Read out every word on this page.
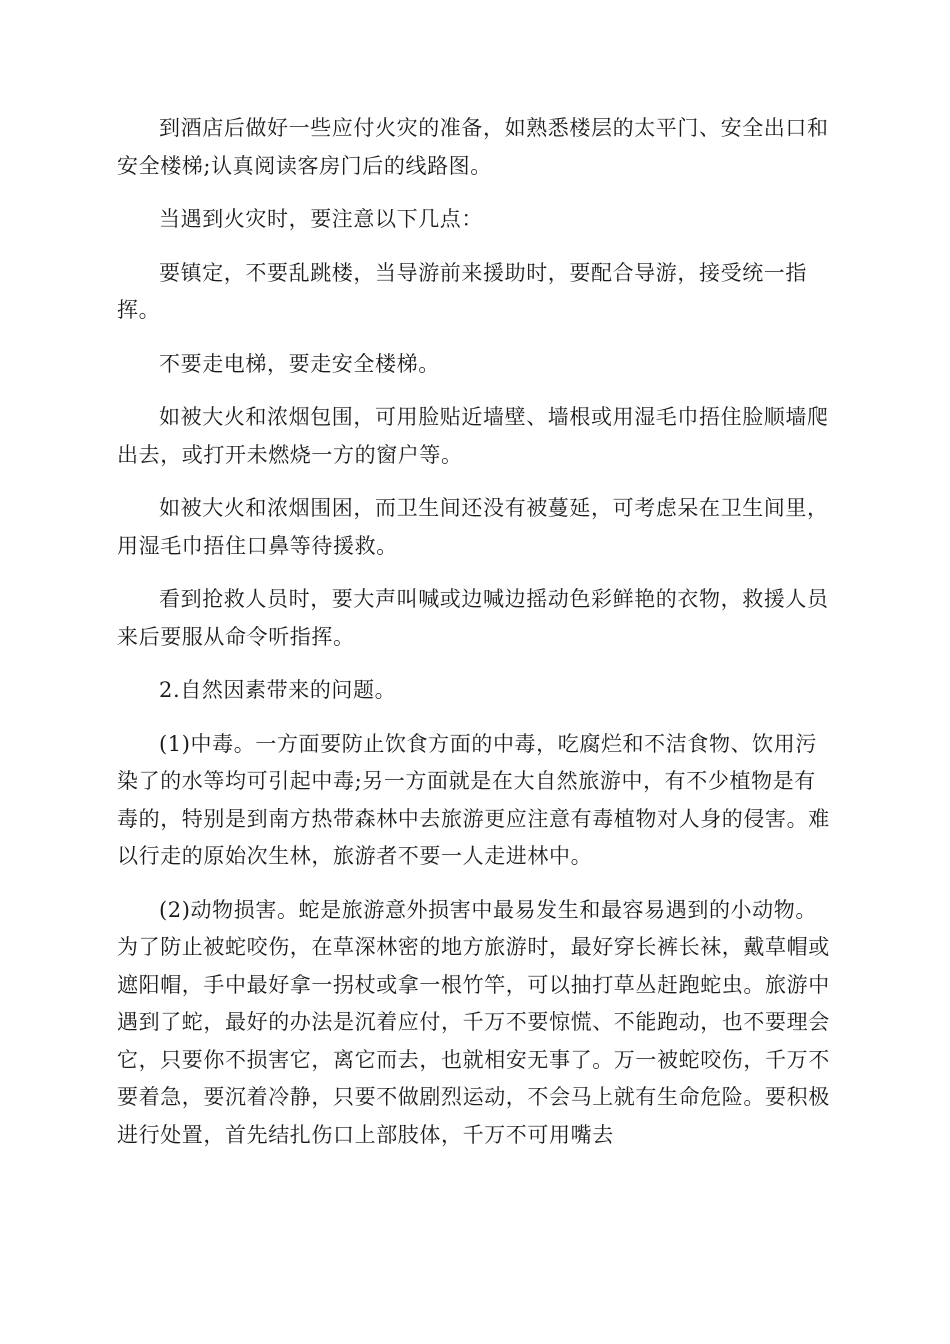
到酒店后做好一些应付火灾的准备，如熟悉楼层的太平门、安全出口和安全楼梯;认真阅读客房门后的线路图。

当遇到火灾时，要注意以下几点：

要镇定，不要乱跳楼，当导游前来援助时，要配合导游，接受统一指挥。

不要走电梯，要走安全楼梯。

如被大火和浓烟包围，可用脸贴近墙壁、墙根或用湿毛巾捂住脸顺墙爬出去，或打开未燃烧一方的窗户等。

如被大火和浓烟围困，而卫生间还没有被蔓延，可考虑呆在卫生间里，用湿毛巾捂住口鼻等待援救。

看到抢救人员时，要大声叫喊或边喊边摇动色彩鲜艳的衣物，救援人员来后要服从命令听指挥。

2.自然因素带来的问题。

(1)中毒。一方面要防止饮食方面的中毒，吃腐烂和不洁食物、饮用污染了的水等均可引起中毒;另一方面就是在大自然旅游中，有不少植物是有毒的，特别是到南方热带森林中去旅游更应注意有毒植物对人身的侵害。难以行走的原始次生林，旅游者不要一人走进林中。

(2)动物损害。蛇是旅游意外损害中最易发生和最容易遇到的小动物。为了防止被蛇咬伤，在草深林密的地方旅游时，最好穿长裤长袜，戴草帽或遮阳帽，手中最好拿一拐杖或拿一根竹竿，可以抽打草丛赶跑蛇虫。旅游中遇到了蛇，最好的办法是沉着应付，千万不要惊慌、不能跑动，也不要理会它，只要你不损害它，离它而去，也就相安无事了。万一被蛇咬伤，千万不要着急，要沉着冷静，只要不做剧烈运动，不会马上就有生命危险。要积极进行处置，首先结扎伤口上部肢体，千万不可用嘴去
